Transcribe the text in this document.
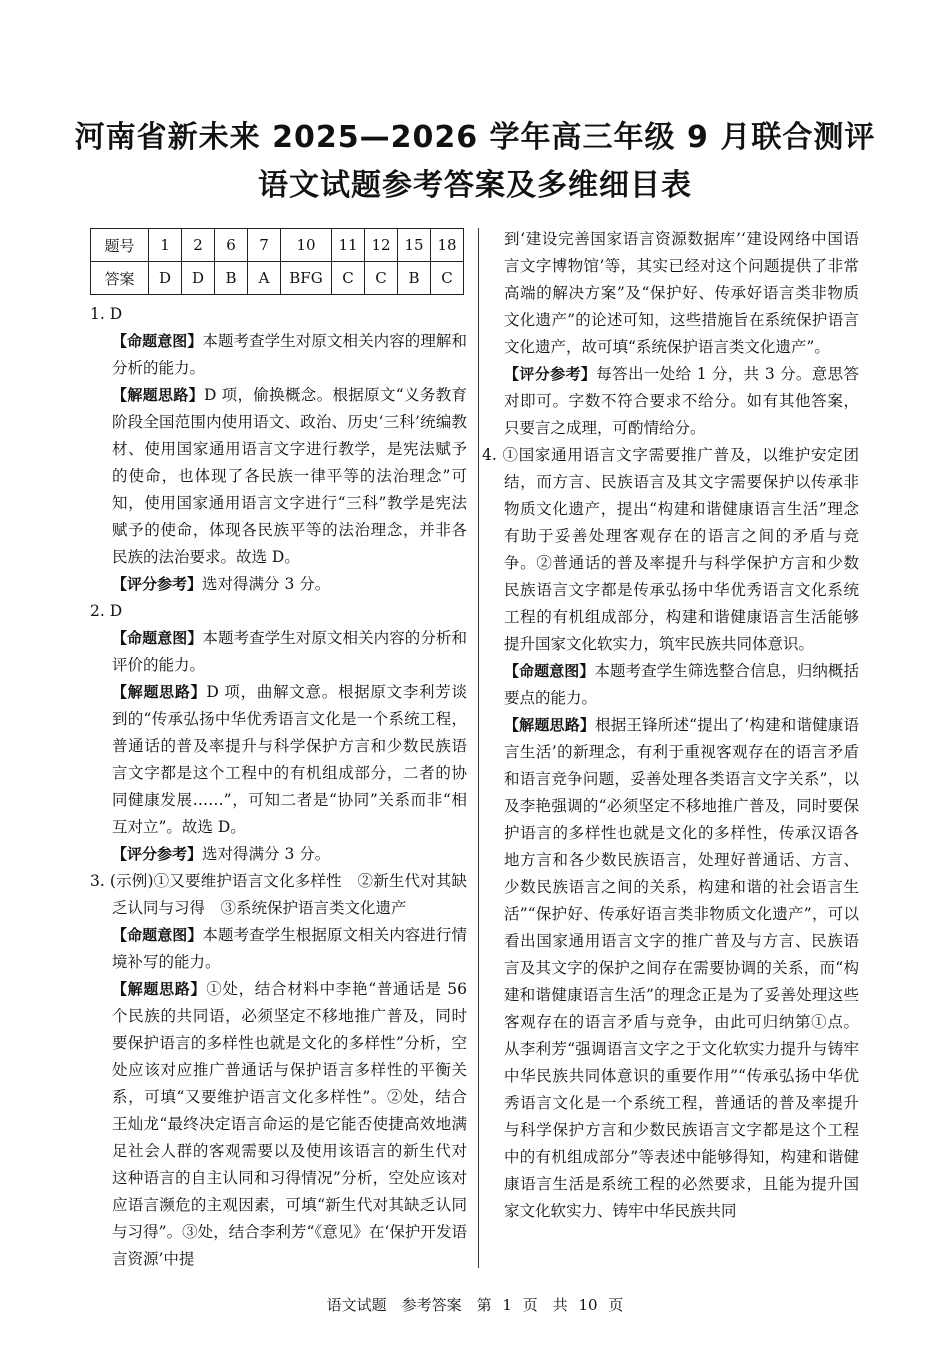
河南省新未来 2025—2026 学年高三年级 9 月联合测评
语文试题参考答案及多维细目表
题号	1	2	6	7	10	11	12	15	18
答案	D	D	B	A	BFG	C	C	B	C

1. D

【命题意图】本题考查学生对原文相关内容的理解和分析的能力。

【解题思路】D 项，偷换概念。根据原文“义务教育阶段全国范围内使用语文、政治、历史‘三科’统编教材、使用国家通用语言文字进行教学，是宪法赋予的使命，也体现了各民族一律平等的法治理念”可知，使用国家通用语言文字进行“三科”教学是宪法赋予的使命，体现各民族平等的法治理念，并非各民族的法治要求。故选 D。

【评分参考】选对得满分 3 分。

2. D

【命题意图】本题考查学生对原文相关内容的分析和评价的能力。

【解题思路】D 项，曲解文意。根据原文李利芳谈到的“传承弘扬中华优秀语言文化是一个系统工程，普通话的普及率提升与科学保护方言和少数民族语言文字都是这个工程中的有机组成部分，二者的协同健康发展……”，可知二者是“协同”关系而非“相互对立”。故选 D。

【评分参考】选对得满分 3 分。

3. (示例)①又要维护语言文化多样性　②新生代对其缺乏认同与习得　③系统保护语言类文化遗产

【命题意图】本题考查学生根据原文相关内容进行情境补写的能力。

【解题思路】①处，结合材料中李艳“普通话是 56 个民族的共同语，必须坚定不移地推广普及，同时要保护语言的多样性也就是文化的多样性”分析，空处应该对应推广普通话与保护语言多样性的平衡关系，可填“又要维护语言文化多样性”。②处，结合王灿龙“最终决定语言命运的是它能否使捷高效地满足社会人群的客观需要以及使用该语言的新生代对这种语言的自主认同和习得情况”分析，空处应该对应语言濒危的主观因素，可填“新生代对其缺乏认同与习得”。③处，结合李利芳“《意见》在‘保护开发语言资源’中提

到‘建设完善国家语言资源数据库’‘建设网络中国语言文字博物馆’等，其实已经对这个问题提供了非常高端的解决方案”及“保护好、传承好语言类非物质文化遗产”的论述可知，这些措施旨在系统保护语言文化遗产，故可填“系统保护语言类文化遗产”。

【评分参考】每答出一处给 1 分，共 3 分。意思答对即可。字数不符合要求不给分。如有其他答案，只要言之成理，可酌情给分。

4. ①国家通用语言文字需要推广普及，以维护安定团结，而方言、民族语言及其文字需要保护以传承非物质文化遗产，提出“构建和谐健康语言生活”理念有助于妥善处理客观存在的语言之间的矛盾与竞争。②普通话的普及率提升与科学保护方言和少数民族语言文字都是传承弘扬中华优秀语言文化系统工程的有机组成部分，构建和谐健康语言生活能够提升国家文化软实力，筑牢民族共同体意识。

【命题意图】本题考查学生筛选整合信息，归纳概括要点的能力。

【解题思路】根据王锋所述“提出了‘构建和谐健康语言生活’的新理念，有利于重视客观存在的语言矛盾和语言竞争问题，妥善处理各类语言文字关系”，以及李艳强调的“必须坚定不移地推广普及，同时要保护语言的多样性也就是文化的多样性，传承汉语各地方言和各少数民族语言，处理好普通话、方言、少数民族语言之间的关系，构建和谐的社会语言生活”“保护好、传承好语言类非物质文化遗产”，可以看出国家通用语言文字的推广普及与方言、民族语言及其文字的保护之间存在需要协调的关系，而“构建和谐健康语言生活”的理念正是为了妥善处理这些客观存在的语言矛盾与竞争，由此可归纳第①点。从李利芳“强调语言文字之于文化软实力提升与铸牢中华民族共同体意识的重要作用”“传承弘扬中华优秀语言文化是一个系统工程，普通话的普及率提升与科学保护方言和少数民族语言文字都是这个工程中的有机组成部分”等表述中能够得知，构建和谐健康语言生活是系统工程的必然要求，且能为提升国家文化软实力、铸牢中华民族共同

语文试题　参考答案　第 1 页　共 10 页
